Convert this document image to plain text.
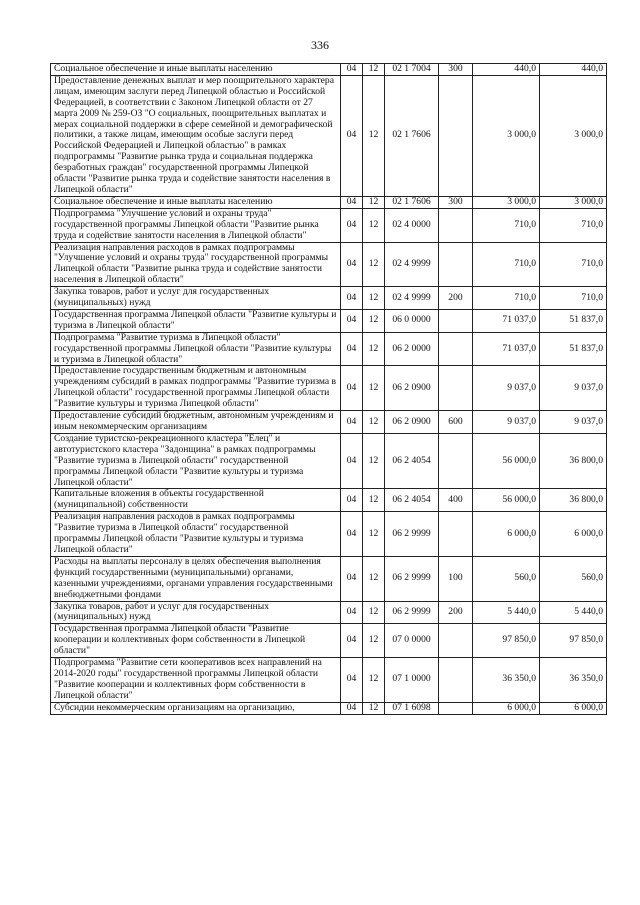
336
Социальное обеспечение и иные выплаты населению	04	12	02 1 7004	300	440,0	440,0
Предоставление денежных выплат и мер поощрительного характера лицам, имеющим заслуги перед Липецкой областью и Российской Федерацией, в соответствии с Законом Липецкой области от 27 марта 2009 № 259-ОЗ "О социальных, поощрительных выплатах и мерах социальной поддержки в сфере семейной и демографической политики, а также лицам, имеющим особые заслуги перед Российской Федерацией и Липецкой областью" в рамках подпрограммы "Развитие рынка труда и социальная поддержка безработных граждан" государственной программы Липецкой области "Развитие рынка труда и содействие занятости населения в Липецкой области"	04	12	02 1 7606		3 000,0	3 000,0
Социальное обеспечение и иные выплаты населению	04	12	02 1 7606	300	3 000,0	3 000,0
Подпрограмма "Улучшение условий и охраны труда" государственной программы Липецкой области "Развитие рынка труда и содействие занятости населения в Липецкой области"	04	12	02 4 0000		710,0	710,0
Реализация направления расходов в рамках подпрограммы "Улучшение условий и охраны труда" государственной программы Липецкой области "Развитие рынка труда и содействие занятости населения в Липецкой области"	04	12	02 4 9999		710,0	710,0
Закупка товаров, работ и услуг для государственных (муниципальных) нужд	04	12	02 4 9999	200	710,0	710,0
Государственная программа Липецкой области "Развитие культуры и туризма в Липецкой области"	04	12	06 0 0000		71 037,0	51 837,0
Подпрограмма "Развитие туризма в Липецкой области" государственной программы Липецкой области "Развитие культуры и туризма в Липецкой области"	04	12	06 2 0000		71 037,0	51 837,0
Предоставление государственным бюджетным и автономным учреждениям субсидий в рамках подпрограммы "Развитие туризма в Липецкой области" государственной программы Липецкой области "Развитие культуры и туризма Липецкой области"	04	12	06 2 0900		9 037,0	9 037,0
Предоставление субсидий бюджетным, автономным учреждениям и иным некоммерческим организациям	04	12	06 2 0900	600	9 037,0	9 037,0
Создание туристско-рекреационного кластера "Елец" и автотуристского кластера "Задонщина" в рамках подпрограммы "Развитие туризма в Липецкой области" государственной программы Липецкой области "Развитие культуры и туризма Липецкой области"	04	12	06 2 4054		56 000,0	36 800,0
Капитальные вложения в объекты государственной (муниципальной) собственности	04	12	06 2 4054	400	56 000,0	36 800,0
Реализация направления расходов в рамках подпрограммы "Развитие туризма в Липецкой области" государственной программы Липецкой области "Развитие культуры и туризма Липецкой области"	04	12	06 2 9999		6 000,0	6 000,0
Расходы на выплаты персоналу в целях обеспечения выполнения функций государственными (муниципальными) органами, казенными учреждениями, органами управления государственными внебюджетными фондами	04	12	06 2 9999	100	560,0	560,0
Закупка товаров, работ и услуг для государственных (муниципальных) нужд	04	12	06 2 9999	200	5 440,0	5 440,0
Государственная программа Липецкой области "Развитие кооперации и коллективных форм собственности в Липецкой области"	04	12	07 0 0000		97 850,0	97 850,0
Подпрограмма "Развитие сети кооперативов всех направлений на 2014-2020 годы" государственной программы Липецкой области "Развитие кооперации и коллективных форм собственности в Липецкой области"	04	12	07 1 0000		36 350,0	36 350,0
Субсидии некоммерческим организациям на организацию,	04	12	07 1 6098		6 000,0	6 000,0
